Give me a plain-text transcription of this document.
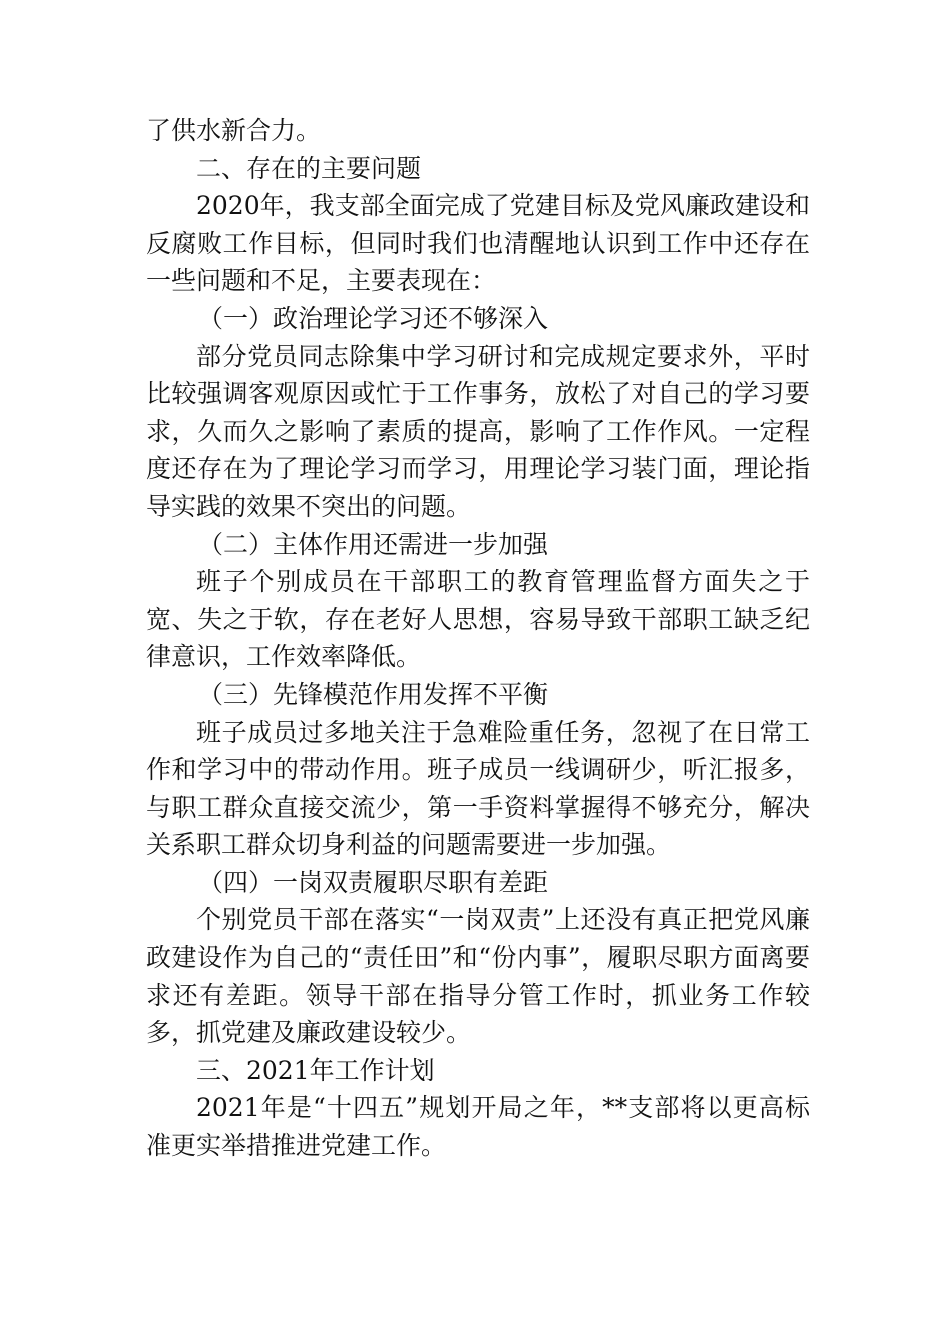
了供水新合力。

二、存在的主要问题

2020年，我支部全面完成了党建目标及党风廉政建设和反腐败工作目标，但同时我们也清醒地认识到工作中还存在一些问题和不足，主要表现在：

（一）政治理论学习还不够深入

部分党员同志除集中学习研讨和完成规定要求外，平时比较强调客观原因或忙于工作事务，放松了对自己的学习要求，久而久之影响了素质的提高，影响了工作作风。一定程度还存在为了理论学习而学习，用理论学习装门面，理论指导实践的效果不突出的问题。

（二）主体作用还需进一步加强

班子个别成员在干部职工的教育管理监督方面失之于宽、失之于软，存在老好人思想，容易导致干部职工缺乏纪律意识，工作效率降低。

（三）先锋模范作用发挥不平衡

班子成员过多地关注于急难险重任务，忽视了在日常工作和学习中的带动作用。班子成员一线调研少，听汇报多，与职工群众直接交流少，第一手资料掌握得不够充分，解决关系职工群众切身利益的问题需要进一步加强。

（四）一岗双责履职尽职有差距

个别党员干部在落实“一岗双责”上还没有真正把党风廉政建设作为自己的“责任田”和“份内事”，履职尽职方面离要求还有差距。领导干部在指导分管工作时，抓业务工作较多，抓党建及廉政建设较少。

三、2021年工作计划

2021年是“十四五”规划开局之年，**支部将以更高标准更实举措推进党建工作。
